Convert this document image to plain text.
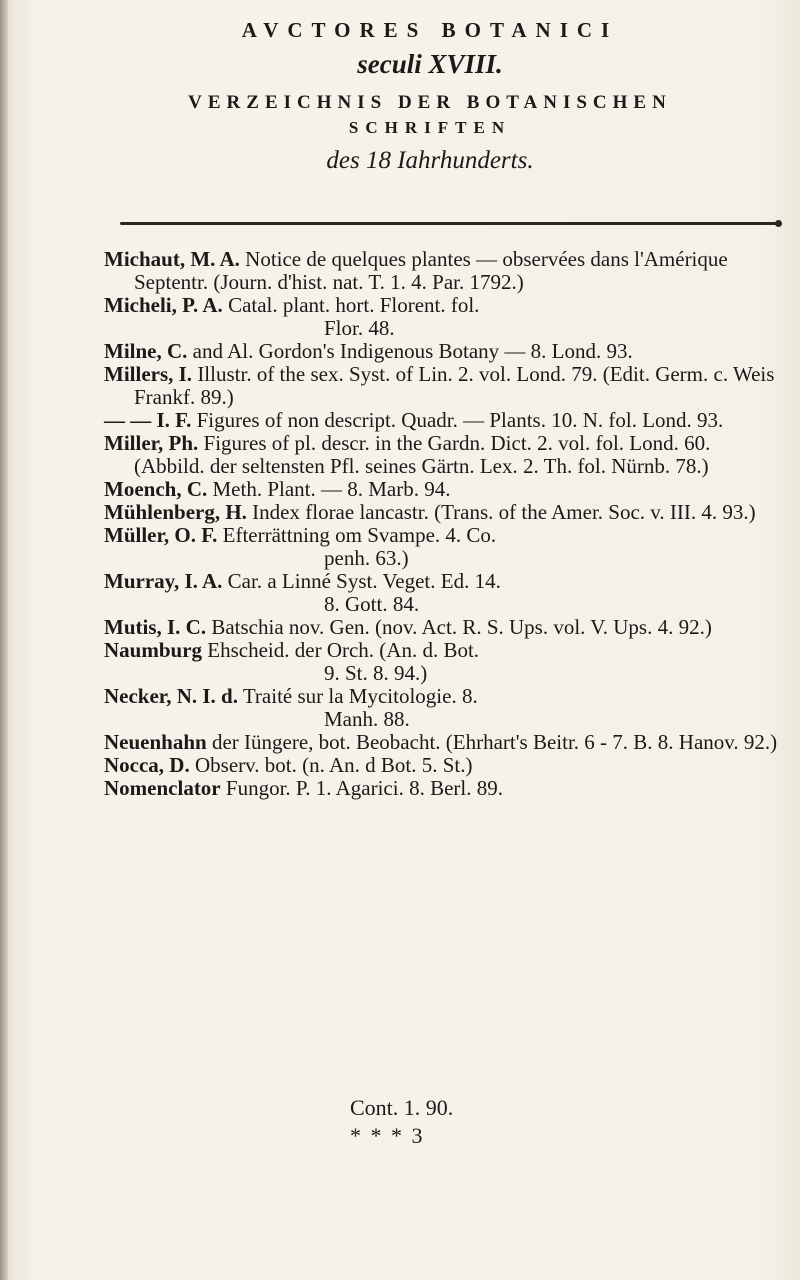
AVCTORES BOTANICI
seculi XVIII.
VERZEICHNIS DER BOTANISCHEN
SCHRIFTEN
des 18 Iahrhunderts.
Michaut, M. A. Notice de quelques plantes — observées dans l'Amérique Septentr. (Journ. d'hist. nat. T. 1. 4. Par. 1792.)
Micheli, P. A. Catal. plant. hort. Florent. fol.
Flor. 48.
Milne, C. and Al. Gordon's Indigenous Botany — 8. Lond. 93.
Millers, I. Illustr. of the sex. Syst. of Lin. 2. vol. Lond. 79. (Edit. Germ. c. Weis Frankf. 89.)
— — I. F. Figures of non descript. Quadr. — Plants. 10. N. fol. Lond. 93.
Miller, Ph. Figures of pl. descr. in the Gardn. Dict. 2. vol. fol. Lond. 60. (Abbild. der seltensten Pfl. seines Gärtn. Lex. 2. Th. fol. Nürnb. 78.)
Moench, C. Meth. Plant. — 8. Marb. 94.
Mühlenberg, H. Index florae lancastr. (Trans. of the Amer. Soc. v. III. 4. 93.)
Müller, O. F. Efterrättning om Svampe. 4. Co.
penh. 63.)
Murray, I. A. Car. a Linné Syst. Veget. Ed. 14.
8. Gott. 84.
Mutis, I. C. Batschia nov. Gen. (nov. Act. R. S. Ups. vol. V. Ups. 4. 92.)
Naumburg Ehscheid. der Orch. (An. d. Bot.
9. St. 8. 94.)
Necker, N. I. d. Traité sur la Mycitologie. 8.
Manh. 88.
Neuenhahn der Iüngere, bot. Beobacht. (Ehrhart's Beitr. 6 - 7. B. 8. Hanov. 92.)
Nocca, D. Observ. bot. (n. An. d Bot. 5. St.)
Nomenclator Fungor. P. 1. Agarici. 8. Berl. 89.
Cont. 1. 90.
* * * 3
